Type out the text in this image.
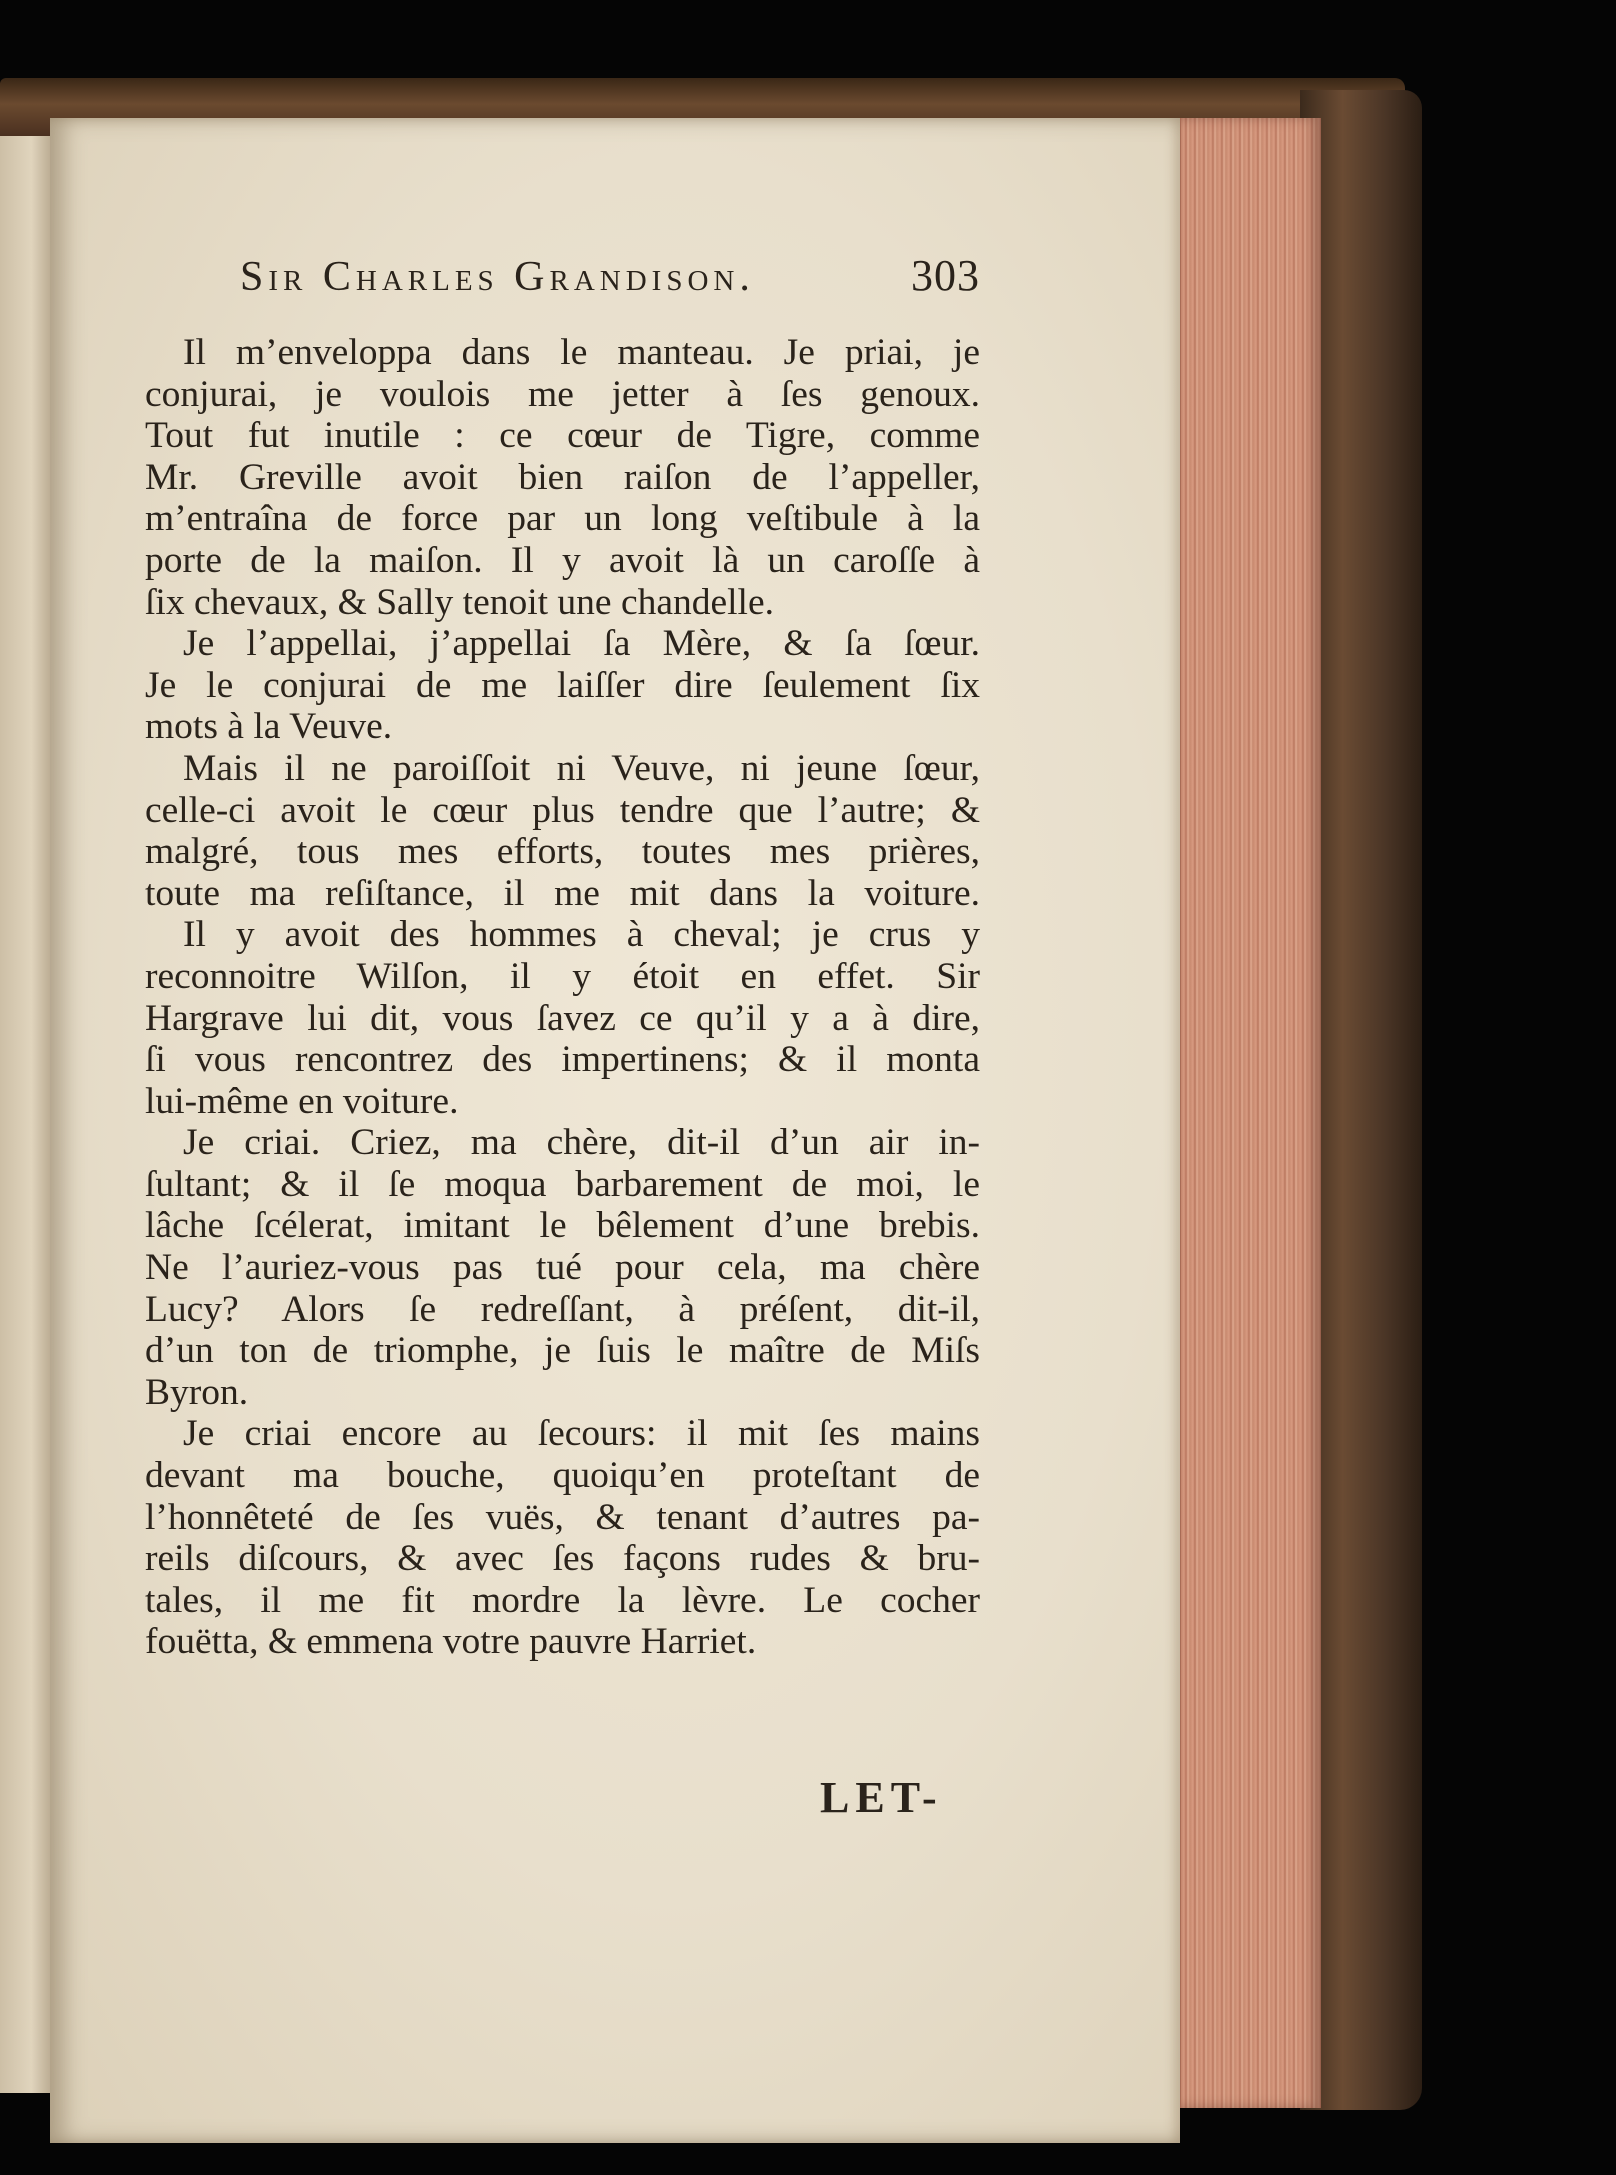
Sir Charles Grandison.	303
Il m’enveloppa dans le manteau. Je priai, je
conjurai, je voulois me jetter à ſes genoux.
Tout fut inutile : ce cœur de Tigre, comme
Mr. Greville avoit bien raiſon de l’appeller,
m’entraîna de force par un long veſtibule à la
porte de la maiſon. Il y avoit là un caroſſe à
ſix chevaux, & Sally tenoit une chandelle.
Je l’appellai, j’appellai ſa Mère, & ſa ſœur.
Je le conjurai de me laiſſer dire ſeulement ſix
mots à la Veuve.
Mais il ne paroiſſoit ni Veuve, ni jeune ſœur,
celle-ci avoit le cœur plus tendre que l’autre; &
malgré, tous mes efforts, toutes mes prières,
toute ma reſiſtance, il me mit dans la voiture.
Il y avoit des hommes à cheval; je crus y
reconnoitre Wilſon, il y étoit en effet. Sir
Hargrave lui dit, vous ſavez ce qu’il y a à dire,
ſi vous rencontrez des impertinens; & il monta
lui-même en voiture.
Je criai. Criez, ma chère, dit-il d’un air in-
ſultant; & il ſe moqua barbarement de moi, le
lâche ſcélerat, imitant le bêlement d’une brebis.
Ne l’auriez-vous pas tué pour cela, ma chère
Lucy? Alors ſe redreſſant, à préſent, dit-il,
d’un ton de triomphe, je ſuis le maître de Miſs
Byron.
Je criai encore au ſecours: il mit ſes mains
devant ma bouche, quoiqu’en proteſtant de
l’honnêteté de ſes vuës, & tenant d’autres pa-
reils diſcours, & avec ſes façons rudes & bru-
tales, il me fit mordre la lèvre. Le cocher
fouëtta, & emmena votre pauvre Harriet.
LET-
